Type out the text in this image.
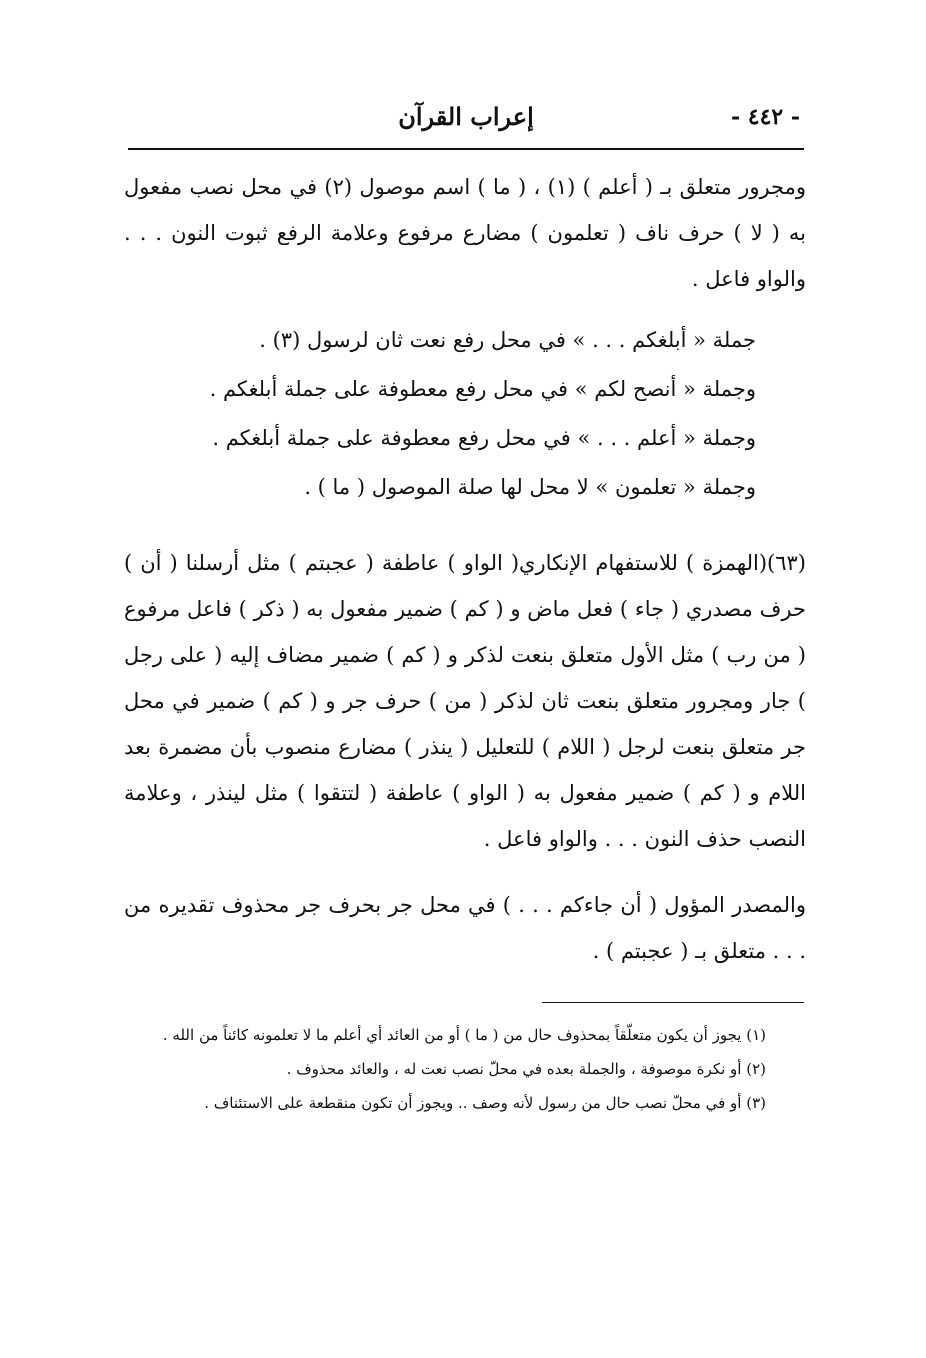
- ٤٤٢ -
إعراب القرآن
ومجرور متعلق بـ ( أعلم ) (١) ، ( ما ) اسم موصول (٢) في محل نصب مفعول به ( لا ) حرف ناف ( تعلمون ) مضارع مرفوع وعلامة الرفع ثبوت النون . . . والواو فاعل .
جملة « أبلغكم . . . » في محل رفع نعت ثان لرسول (٣) .
وجملة « أنصح لكم » في محل رفع معطوفة على جملة أبلغكم .
وجملة « أعلم . . . » في محل رفع معطوفة على جملة أبلغكم .
وجملة « تعلمون » لا محل لها صلة الموصول ( ما ) .
(٦٣)(الهمزة ) للاستفهام الإنكاري( الواو ) عاطفة ( عجبتم ) مثل أرسلنا ( أن ) حرف مصدري ( جاء ) فعل ماض و ( كم ) ضمير مفعول به ( ذكر ) فاعل مرفوع ( من رب ) مثل الأول متعلق بنعت لذكر و ( كم ) ضمير مضاف إليه ( على رجل ) جار ومجرور متعلق بنعت ثان لذكر ( من ) حرف جر و ( كم ) ضمير في محل جر متعلق بنعت لرجل ( اللام ) للتعليل ( ينذر ) مضارع منصوب بأن مضمرة بعد اللام و ( كم ) ضمير مفعول به ( الواو ) عاطفة ( لتتقوا ) مثل لينذر ، وعلامة النصب حذف النون . . . والواو فاعل .
والمصدر المؤول ( أن جاءكم . . . ) في محل جر بحرف جر محذوف تقديره من . . . متعلق بـ ( عجبتم ) .
(١) يجوز أن يكون متعلّقاً بمحذوف حال من ( ما ) أو من العائد أي أعلم ما لا تعلمونه كائناً من الله .
(٢) أو نكرة موصوفة ، والجملة بعده في محلّ نصب نعت له ، والعائد محذوف .
(٣) أو في محلّ نصب حال من رسول لأنه وصف .. ويجوز أن تكون منقطعة على الاستئناف .
